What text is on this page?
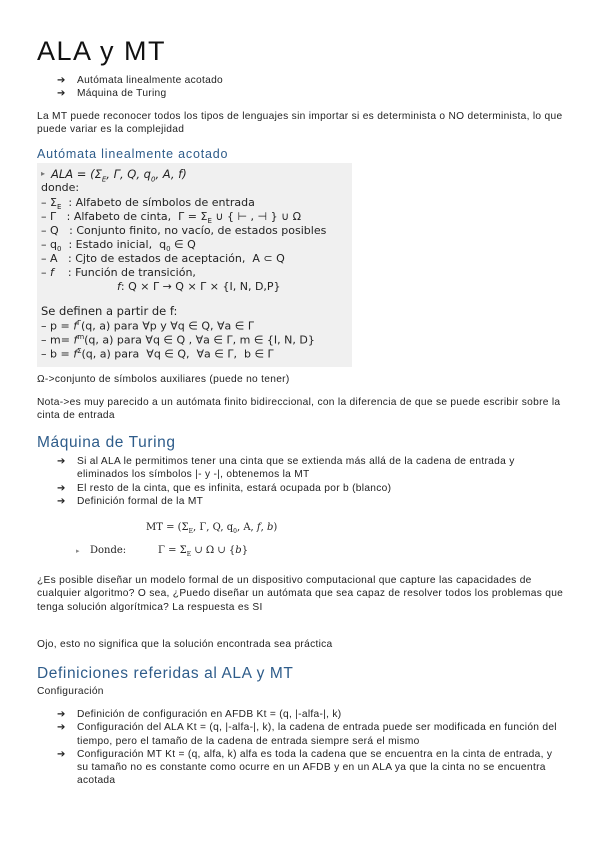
ALA y MT
➔ Autómata linealmente acotado
➔ Máquina de Turing

La MT puede reconocer todos los tipos de lenguajes sin importar si es determinista o NO determinista, lo que puede variar es la complejidad

Autómata linealmente acotado
▸ ALA = ($\Sigma_E$, Γ, Q, $q_0$, A, f)
donde:
– $\Sigma_E$  : Alfabeto de símbolos de entrada
– Γ   : Alfabeto de cinta,  $\Gamma = \Sigma_E$ ∪ { ⊢ , ⊣ } ∪ Ω
– Q   : Conjunto finito, no vacío, de estados posibles
– $q_0$  : Estado inicial,  $q_0$ ∈ Q
– A   : Cjto de estados de aceptación,  A ⊂ Q
– f    : Función de transición,
f: Q × Γ → Q × Γ × {I, N, D,P}
Se definen a partir de f:
– $p = f^\Gamma(q$, a) para ∀p y ∀q ∈ Q, ∀a ∈ Γ
– $m= f^m(q$, a) para ∀q ∈ Q , ∀a ∈ Γ, m ∈ {I, N, D}
– $b = f^\Sigma(q$, a) para  ∀q ∈ Q,  ∀a ∈ Γ,  b ∈ Γ

Ω->conjunto de símbolos auxiliares (puede no tener)

Nota->es muy parecido a un autómata finito bidireccional, con la diferencia de que se puede escribir sobre la cinta de entrada

Máquina de Turing
➔ Si al ALA le permitimos tener una cinta que se extienda más allá de la cadena de entrada y eliminados los símbolos |- y -|, obtenemos la MT
➔ El resto de la cinta, que es infinita, estará ocupada por b (blanco)
➔ Definición formal de la MT
MT = ($\Sigma_E$, Γ, Q, $q_0$, A, f, b)
▸ Donde:	$\Gamma = \Sigma_E$ ∪ Ω ∪ {b}

¿Es posible diseñar un modelo formal de un dispositivo computacional que capture las capacidades de cualquier algoritmo? O sea, ¿Puedo diseñar un autómata que sea capaz de resolver todos los problemas que tenga solución algorítmica? La respuesta es SI

Ojo, esto no significa que la solución encontrada sea práctica

Definiciones referidas al ALA y MT

Configuración

➔ Definición de configuración en AFDB Kt = (q, |-alfa-|, k)
➔ Configuración del ALA Kt = (q, |-alfa-|, k), la cadena de entrada puede ser modificada en función del tiempo, pero el tamaño de la cadena de entrada siempre será el mismo
➔ Configuración MT Kt = (q, alfa, k) alfa es toda la cadena que se encuentra en la cinta de entrada, y su tamaño no es constante como ocurre en un AFDB y en un ALA ya que la cinta no se encuentra acotada
